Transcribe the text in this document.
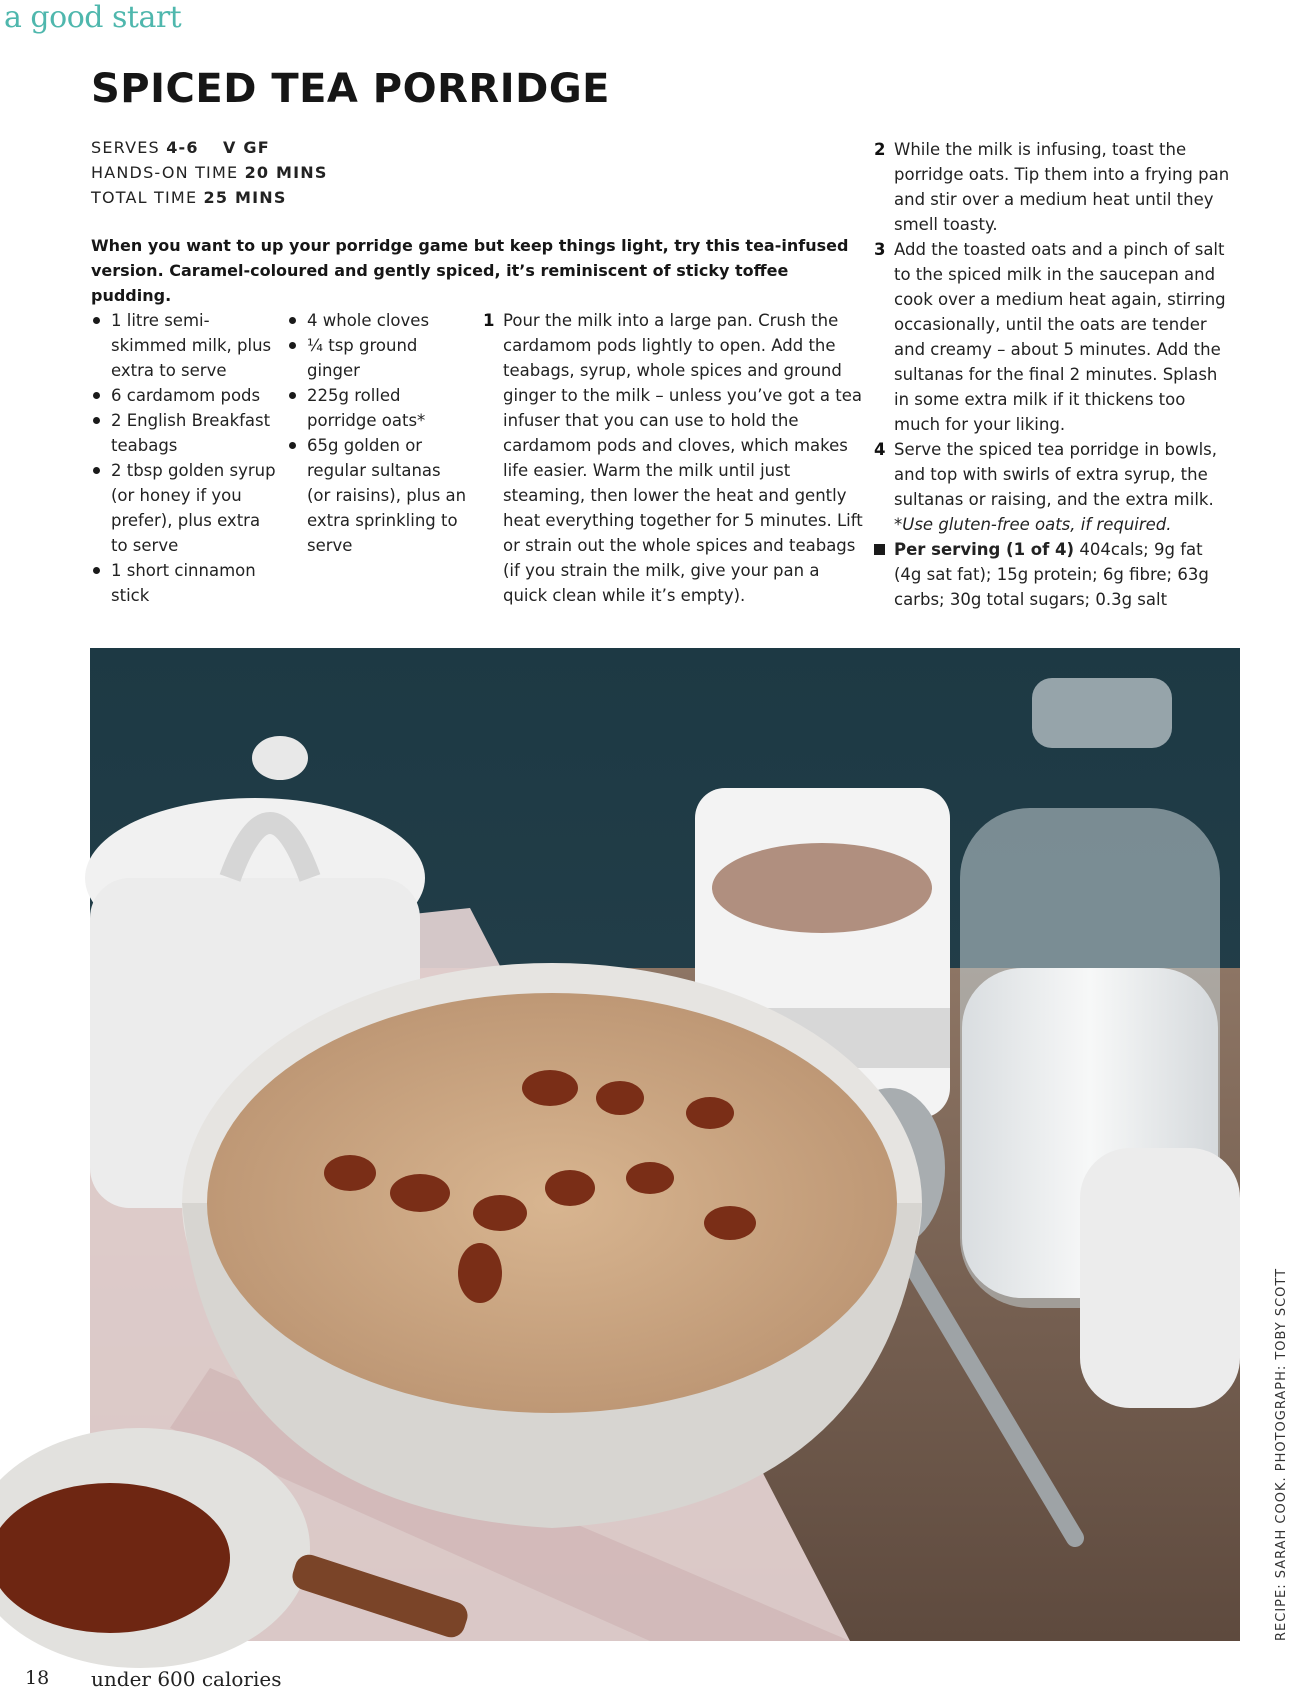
a good start
SPICED TEA PORRIDGE
SERVES 4-6 V GF
HANDS-ON TIME 20 MINS
TOTAL TIME 25 MINS

When you want to up your porridge game but keep things light, try this tea-infused version. Caramel-coloured and gently spiced, it’s reminiscent of sticky toffee pudding.

1 litre semi-skimmed milk, plus extra to serve
6 cardamom pods
2 English Breakfast teabags
2 tbsp golden syrup (or honey if you prefer), plus extra to serve
1 short cinnamon stick
4 whole cloves
¼ tsp ground ginger
225g rolled porridge oats*
65g golden or regular sultanas (or raisins), plus an extra sprinkling to serve
1 Pour the milk into a large pan. Crush the cardamom pods lightly to open. Add the teabags, syrup, whole spices and ground ginger to the milk – unless you’ve got a tea infuser that you can use to hold the cardamom pods and cloves, which makes life easier. Warm the milk until just steaming, then lower the heat and gently heat everything together for 5 minutes. Lift or strain out the whole spices and teabags (if you strain the milk, give your pan a quick clean while it’s empty).
2 While the milk is infusing, toast the porridge oats. Tip them into a frying pan and stir over a medium heat until they smell toasty.
3 Add the toasted oats and a pinch of salt to the spiced milk in the saucepan and cook over a medium heat again, stirring occasionally, until the oats are tender and creamy – about 5 minutes. Add the sultanas for the final 2 minutes. Splash in some extra milk if it thickens too much for your liking.
4 Serve the spiced tea porridge in bowls, and top with swirls of extra syrup, the sultanas or raising, and the extra milk.
*Use gluten-free oats, if required.
Per serving (1 of 4) 404cals; 9g fat (4g sat fat); 15g protein; 6g fibre; 63g carbs; 30g total sugars; 0.3g salt
RECIPE: SARAH COOK. PHOTOGRAPH: TOBY SCOTT
18 under 600 calories
